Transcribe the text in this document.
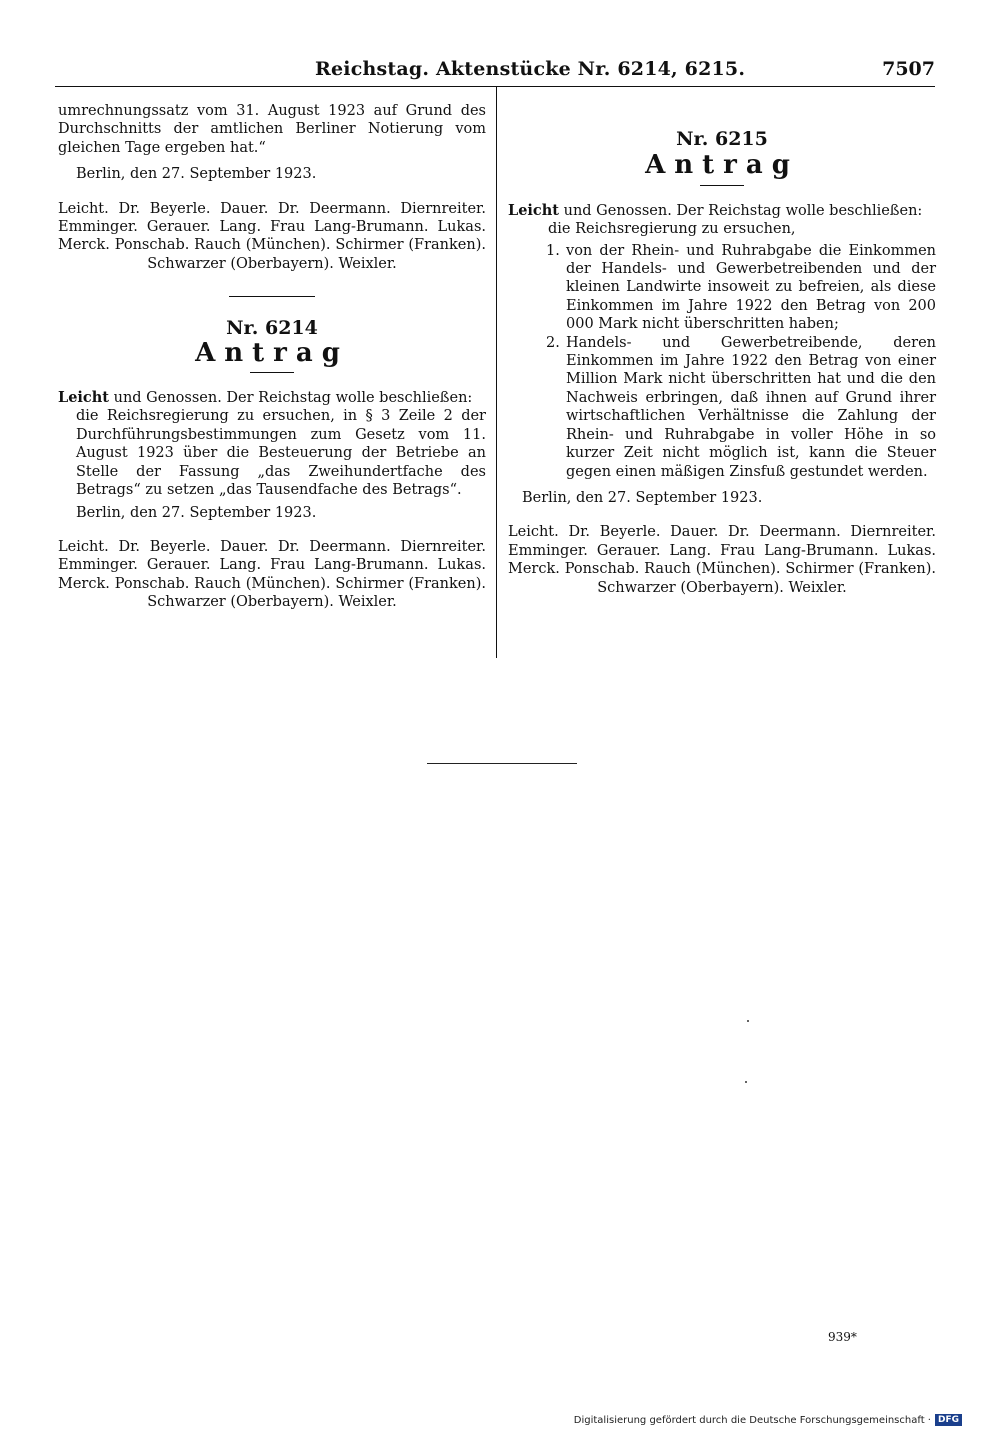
Reichstag. Aktenstücke Nr. 6214, 6215.	7507
umrechnungssatz vom 31. August 1923 auf Grund des
Durchschnitts der amtlichen Berliner Notierung vom
gleichen Tage ergeben hat.“

Berlin, den 27. September 1923.

Leicht. Dr. Beyerle. Dauer. Dr. Deermann. Diernreiter. Emminger. Gerauer. Lang. Frau Lang-Brumann. Lukas. Merck. Ponschab. Rauch (München). Schirmer (Franken). Schwarzer (Oberbayern). Weixler.

Nr. 6214

Antrag

Leicht und Genossen. Der Reichstag wolle beschließen:

die Reichsregierung zu ersuchen, in § 3 Zeile 2 der Durchführungsbestimmungen zum Gesetz vom 11. August 1923 über die Besteuerung der Betriebe an Stelle der Fassung „das Zweihundertfache des Betrags“ zu setzen „das Tausendfache des Betrags“.

Berlin, den 27. September 1923.

Leicht. Dr. Beyerle. Dauer. Dr. Deermann. Diernreiter. Emminger. Gerauer. Lang. Frau Lang-Brumann. Lukas. Merck. Ponschab. Rauch (München). Schirmer (Franken). Schwarzer (Oberbayern). Weixler.

Nr. 6215

Antrag

Leicht und Genossen. Der Reichstag wolle beschließen:

die Reichsregierung zu ersuchen,

1. von der Rhein- und Ruhrabgabe die Einkommen der Handels- und Gewerbetreibenden und der kleinen Landwirte insoweit zu befreien, als diese Einkommen im Jahre 1922 den Betrag von 200 000 Mark nicht überschritten haben;
2. Handels- und Gewerbetreibende, deren Einkommen im Jahre 1922 den Betrag von einer Million Mark nicht überschritten hat und die den Nachweis erbringen, daß ihnen auf Grund ihrer wirtschaftlichen Verhältnisse die Zahlung der Rhein- und Ruhrabgabe in voller Höhe in so kurzer Zeit nicht möglich ist, kann die Steuer gegen einen mäßigen Zinsfuß gestundet werden.

Berlin, den 27. September 1923.

Leicht. Dr. Beyerle. Dauer. Dr. Deermann. Diernreiter. Emminger. Gerauer. Lang. Frau Lang-Brumann. Lukas. Merck. Ponschab. Rauch (München). Schirmer (Franken). Schwarzer (Oberbayern). Weixler.

939*
Digitalisierung gefördert durch die Deutsche Forschungsgemeinschaft · DFG
